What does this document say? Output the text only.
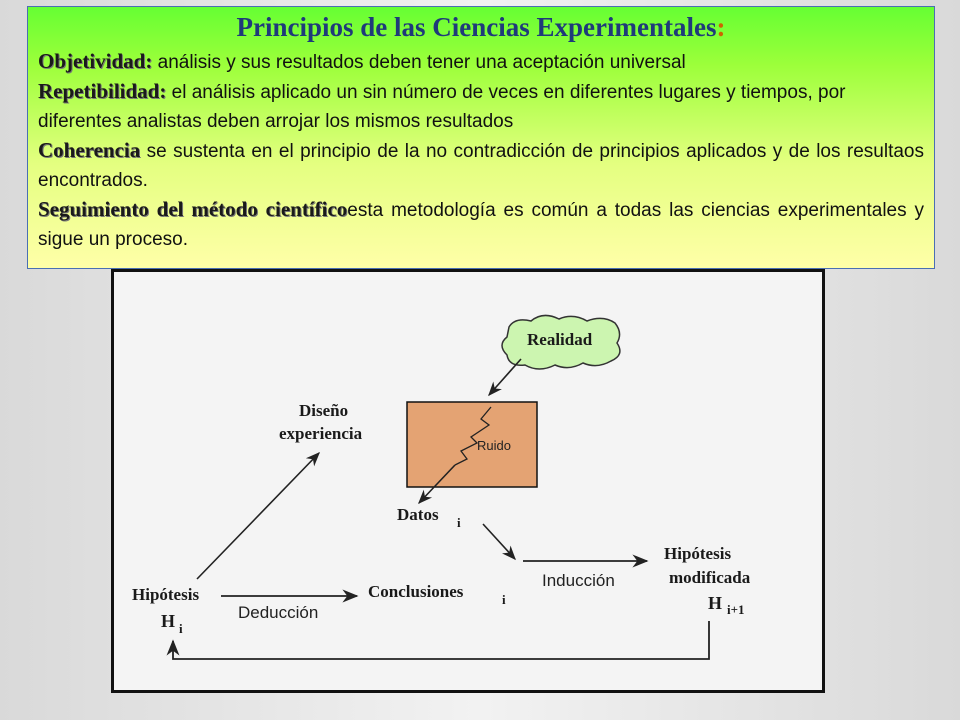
Principios de las Ciencias Experimentales:

Objetividad: análisis y sus resultados deben tener una aceptación universal

Repetibilidad: el análisis aplicado un sin número de veces en diferentes lugares y tiempos, por diferentes analistas deben arrojar los mismos resultados

Coherencia se sustenta en el principio de la no contradicción de principios aplicados y de los resultaos encontrados.

Seguimiento del método científicoesta metodología es común a todas las ciencias experimentales y sigue un proceso.

Realidad
Ruido
Diseño
experiencia
Datos i
Hipótesis
H i
Conclusiones	i
Deducción
Inducción
Hipótesis
modificada
H i+1
